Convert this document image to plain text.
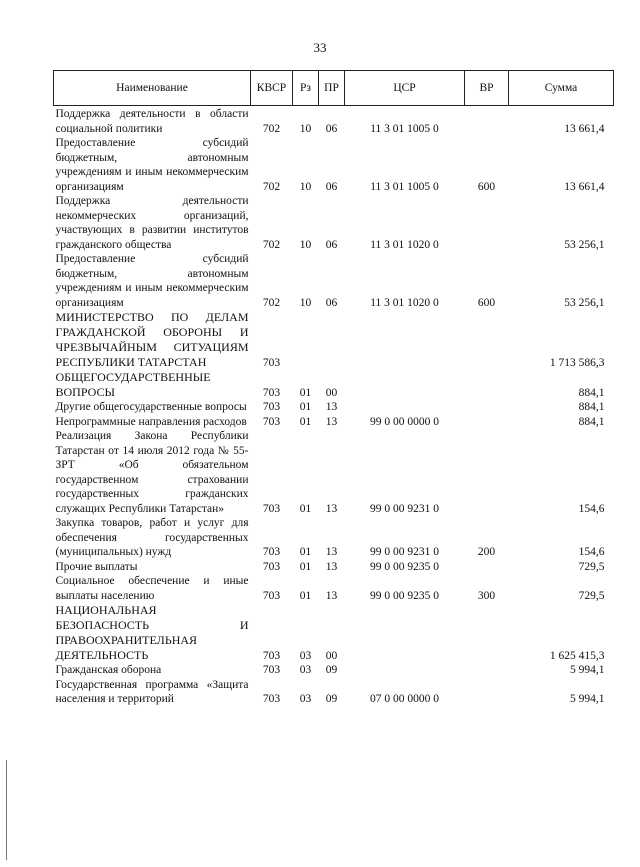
33
Наименование	КВСР	Рз	ПР	ЦСР	ВР	Сумма
Поддержка деятельности в области социальной политики	702	10	06	11 3 01 1005 0		13 661,4
Предоставление субсидий бюджетным, автономным учреждениям и иным некоммерческим организациям	702	10	06	11 3 01 1005 0	600	13 661,4
Поддержка деятельности некоммерческих организаций, участвующих в развитии институтов гражданского общества	702	10	06	11 3 01 1020 0		53 256,1
Предоставление субсидий бюджетным, автономным учреждениям и иным некоммерческим организациям	702	10	06	11 3 01 1020 0	600	53 256,1
МИНИСТЕРСТВО ПО ДЕЛАМ ГРАЖДАНСКОЙ ОБОРОНЫ И ЧРЕЗВЫЧАЙНЫМ СИТУАЦИЯМ РЕСПУБЛИКИ ТАТАРСТАН	703					1 713 586,3
ОБЩЕГОСУДАРСТВЕННЫЕ ВОПРОСЫ	703	01	00			884,1
Другие общегосударственные вопросы	703	01	13			884,1
Непрограммные направления расходов	703	01	13	99 0 00 0000 0		884,1
Реализация Закона Республики Татарстан от 14 июля 2012 года № 55-ЗРТ «Об обязательном государственном страховании государственных гражданских служащих Республики Татарстан»	703	01	13	99 0 00 9231 0		154,6
Закупка товаров, работ и услуг для обеспечения государственных (муниципальных) нужд	703	01	13	99 0 00 9231 0	200	154,6
Прочие выплаты	703	01	13	99 0 00 9235 0		729,5
Социальное обеспечение и иные выплаты населению	703	01	13	99 0 00 9235 0	300	729,5
НАЦИОНАЛЬНАЯ БЕЗОПАСНОСТЬ И ПРАВООХРАНИТЕЛЬНАЯ ДЕЯТЕЛЬНОСТЬ	703	03	00			1 625 415,3
Гражданская оборона	703	03	09			5 994,1
Государственная программа «Защита населения и территорий	703	03	09	07 0 00 0000 0		5 994,1
